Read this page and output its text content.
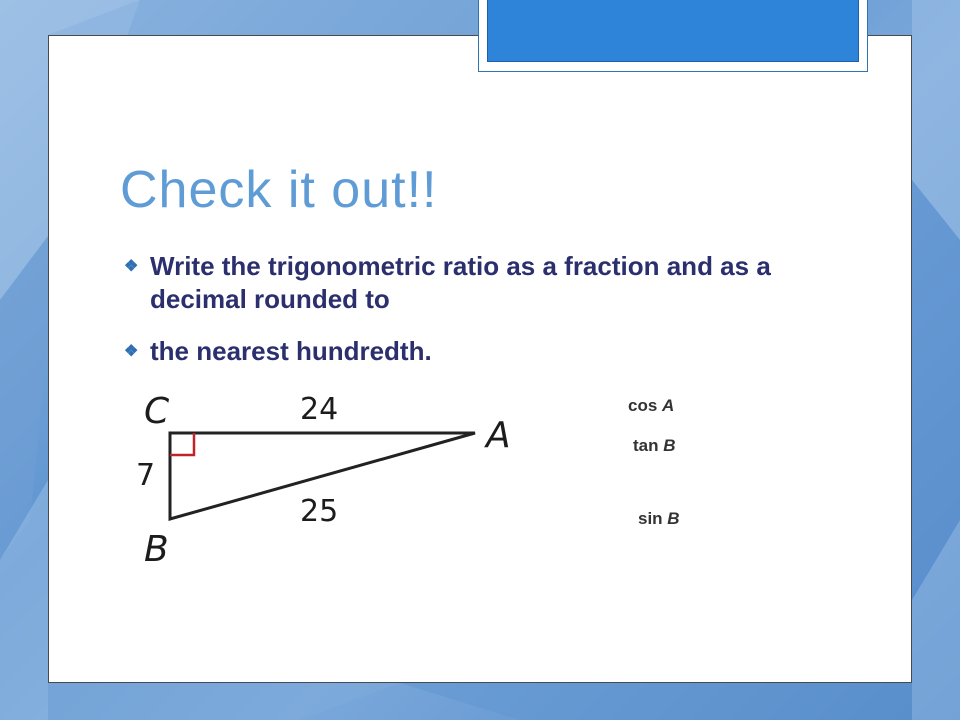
Check it out!!
❖ Write the trigonometric ratio as a fraction and as a decimal rounded to
❖ the nearest hundredth.
C
A
B
24
7
25
cos A
tan B
sin B
